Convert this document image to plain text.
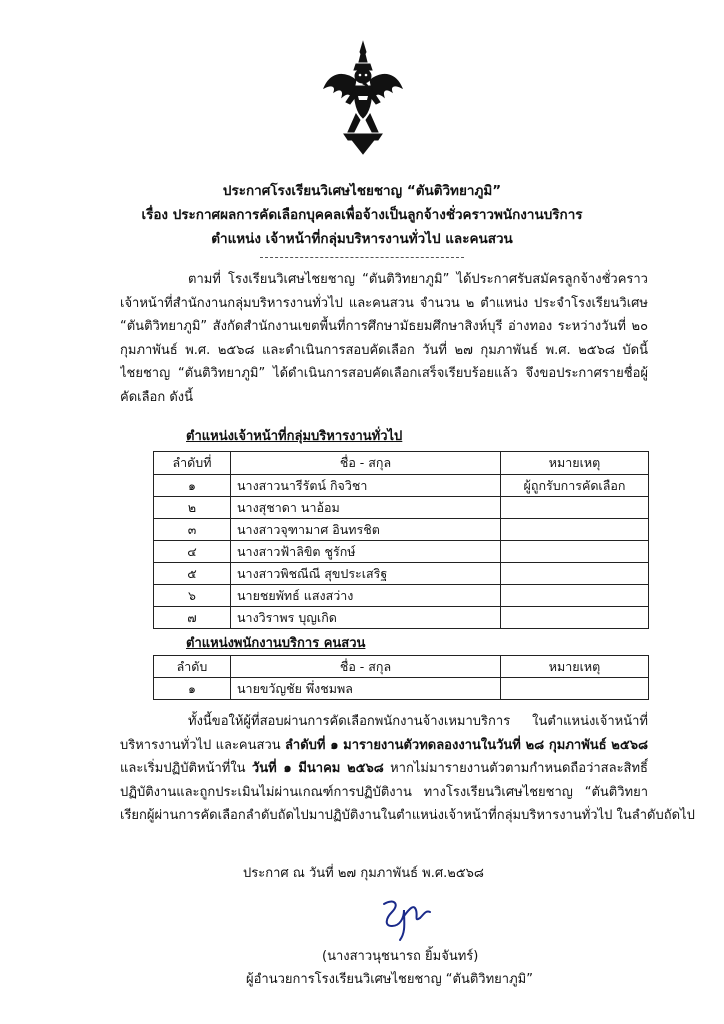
ประกาศโรงเรียนวิเศษไชยชาญ “ตันติวิทยาภูมิ”
เรื่อง ประกาศผลการคัดเลือกบุคคลเพื่อจ้างเป็นลูกจ้างชั่วคราวพนักงานบริการ
ตำแหน่ง เจ้าหน้าที่กลุ่มบริหารงานทั่วไป และคนสวน
ตามที่ โรงเรียนวิเศษไชยชาญ “ตันติวิทยาภูมิ” ได้ประกาศรับสมัครลูกจ้างชั่วคราว
เจ้าหน้าที่สำนักงานกลุ่มบริหารงานทั่วไป และคนสวน จำนวน ๒ ตำแหน่ง ประจำโรงเรียนวิเศษ
“ตันติวิทยาภูมิ” สังกัดสำนักงานเขตพื้นที่การศึกษามัธยมศึกษาสิงห์บุรี อ่างทอง ระหว่างวันที่ ๒๐
กุมภาพันธ์ พ.ศ. ๒๕๖๘ และดำเนินการสอบคัดเลือก วันที่ ๒๗ กุมภาพันธ์ พ.ศ. ๒๕๖๘ บัดนี้
ไชยชาญ “ตันติวิทยาภูมิ” ได้ดำเนินการสอบคัดเลือกเสร็จเรียบร้อยแล้ว จึงขอประกาศรายชื่อผู้
คัดเลือก ดังนี้
ตำแหน่งเจ้าหน้าที่กลุ่มบริหารงานทั่วไป
ลำดับที่	ชื่อ - สกุล	หมายเหตุ
๑	นางสาวนารีรัตน์ กิจวิชา	ผู้ถูกรับการคัดเลือก
๒	นางสุชาดา นาอ้อม	
๓	นางสาวจุฑามาศ อินทรชิต	
๔	นางสาวฟ้าลิขิต ชูรักษ์	
๕	นางสาวพิชณีณี สุขประเสริฐ	
๖	นายชยพัทธ์ แสงสว่าง	
๗	นางวิราพร บุญเกิด	
ตำแหน่งพนักงานบริการ คนสวน
ลำดับ	ชื่อ - สกุล	หมายเหตุ
๑	นายขวัญชัย พึ่งชมพล	
ทั้งนี้ขอให้ผู้ที่สอบผ่านการคัดเลือกพนักงานจ้างเหมาบริการ ในตำแหน่งเจ้าหน้าที่
บริหารงานทั่วไป และคนสวน ลำดับที่ ๑ มารายงานตัวทดลองงานในวันที่ ๒๘ กุมภาพันธ์ ๒๕๖๘
และเริ่มปฏิบัติหน้าที่ใน วันที่ ๑ มีนาคม ๒๕๖๘ หากไม่มารายงานตัวตามกำหนดถือว่าสละสิทธิ์
ปฏิบัติงานและถูกประเมินไม่ผ่านเกณฑ์การปฏิบัติงาน ทางโรงเรียนวิเศษไชยชาญ “ตันติวิทยา
เรียกผู้ผ่านการคัดเลือกลำดับถัดไปมาปฏิบัติงานในตำแหน่งเจ้าหน้าที่กลุ่มบริหารงานทั่วไป ในลำดับถัดไป
ประกาศ ณ วันที่ ๒๗ กุมภาพันธ์ พ.ศ.๒๕๖๘
(นางสาวนุชนารถ ยิ้มจันทร์)
ผู้อำนวยการโรงเรียนวิเศษไชยชาญ “ตันติวิทยาภูมิ”
